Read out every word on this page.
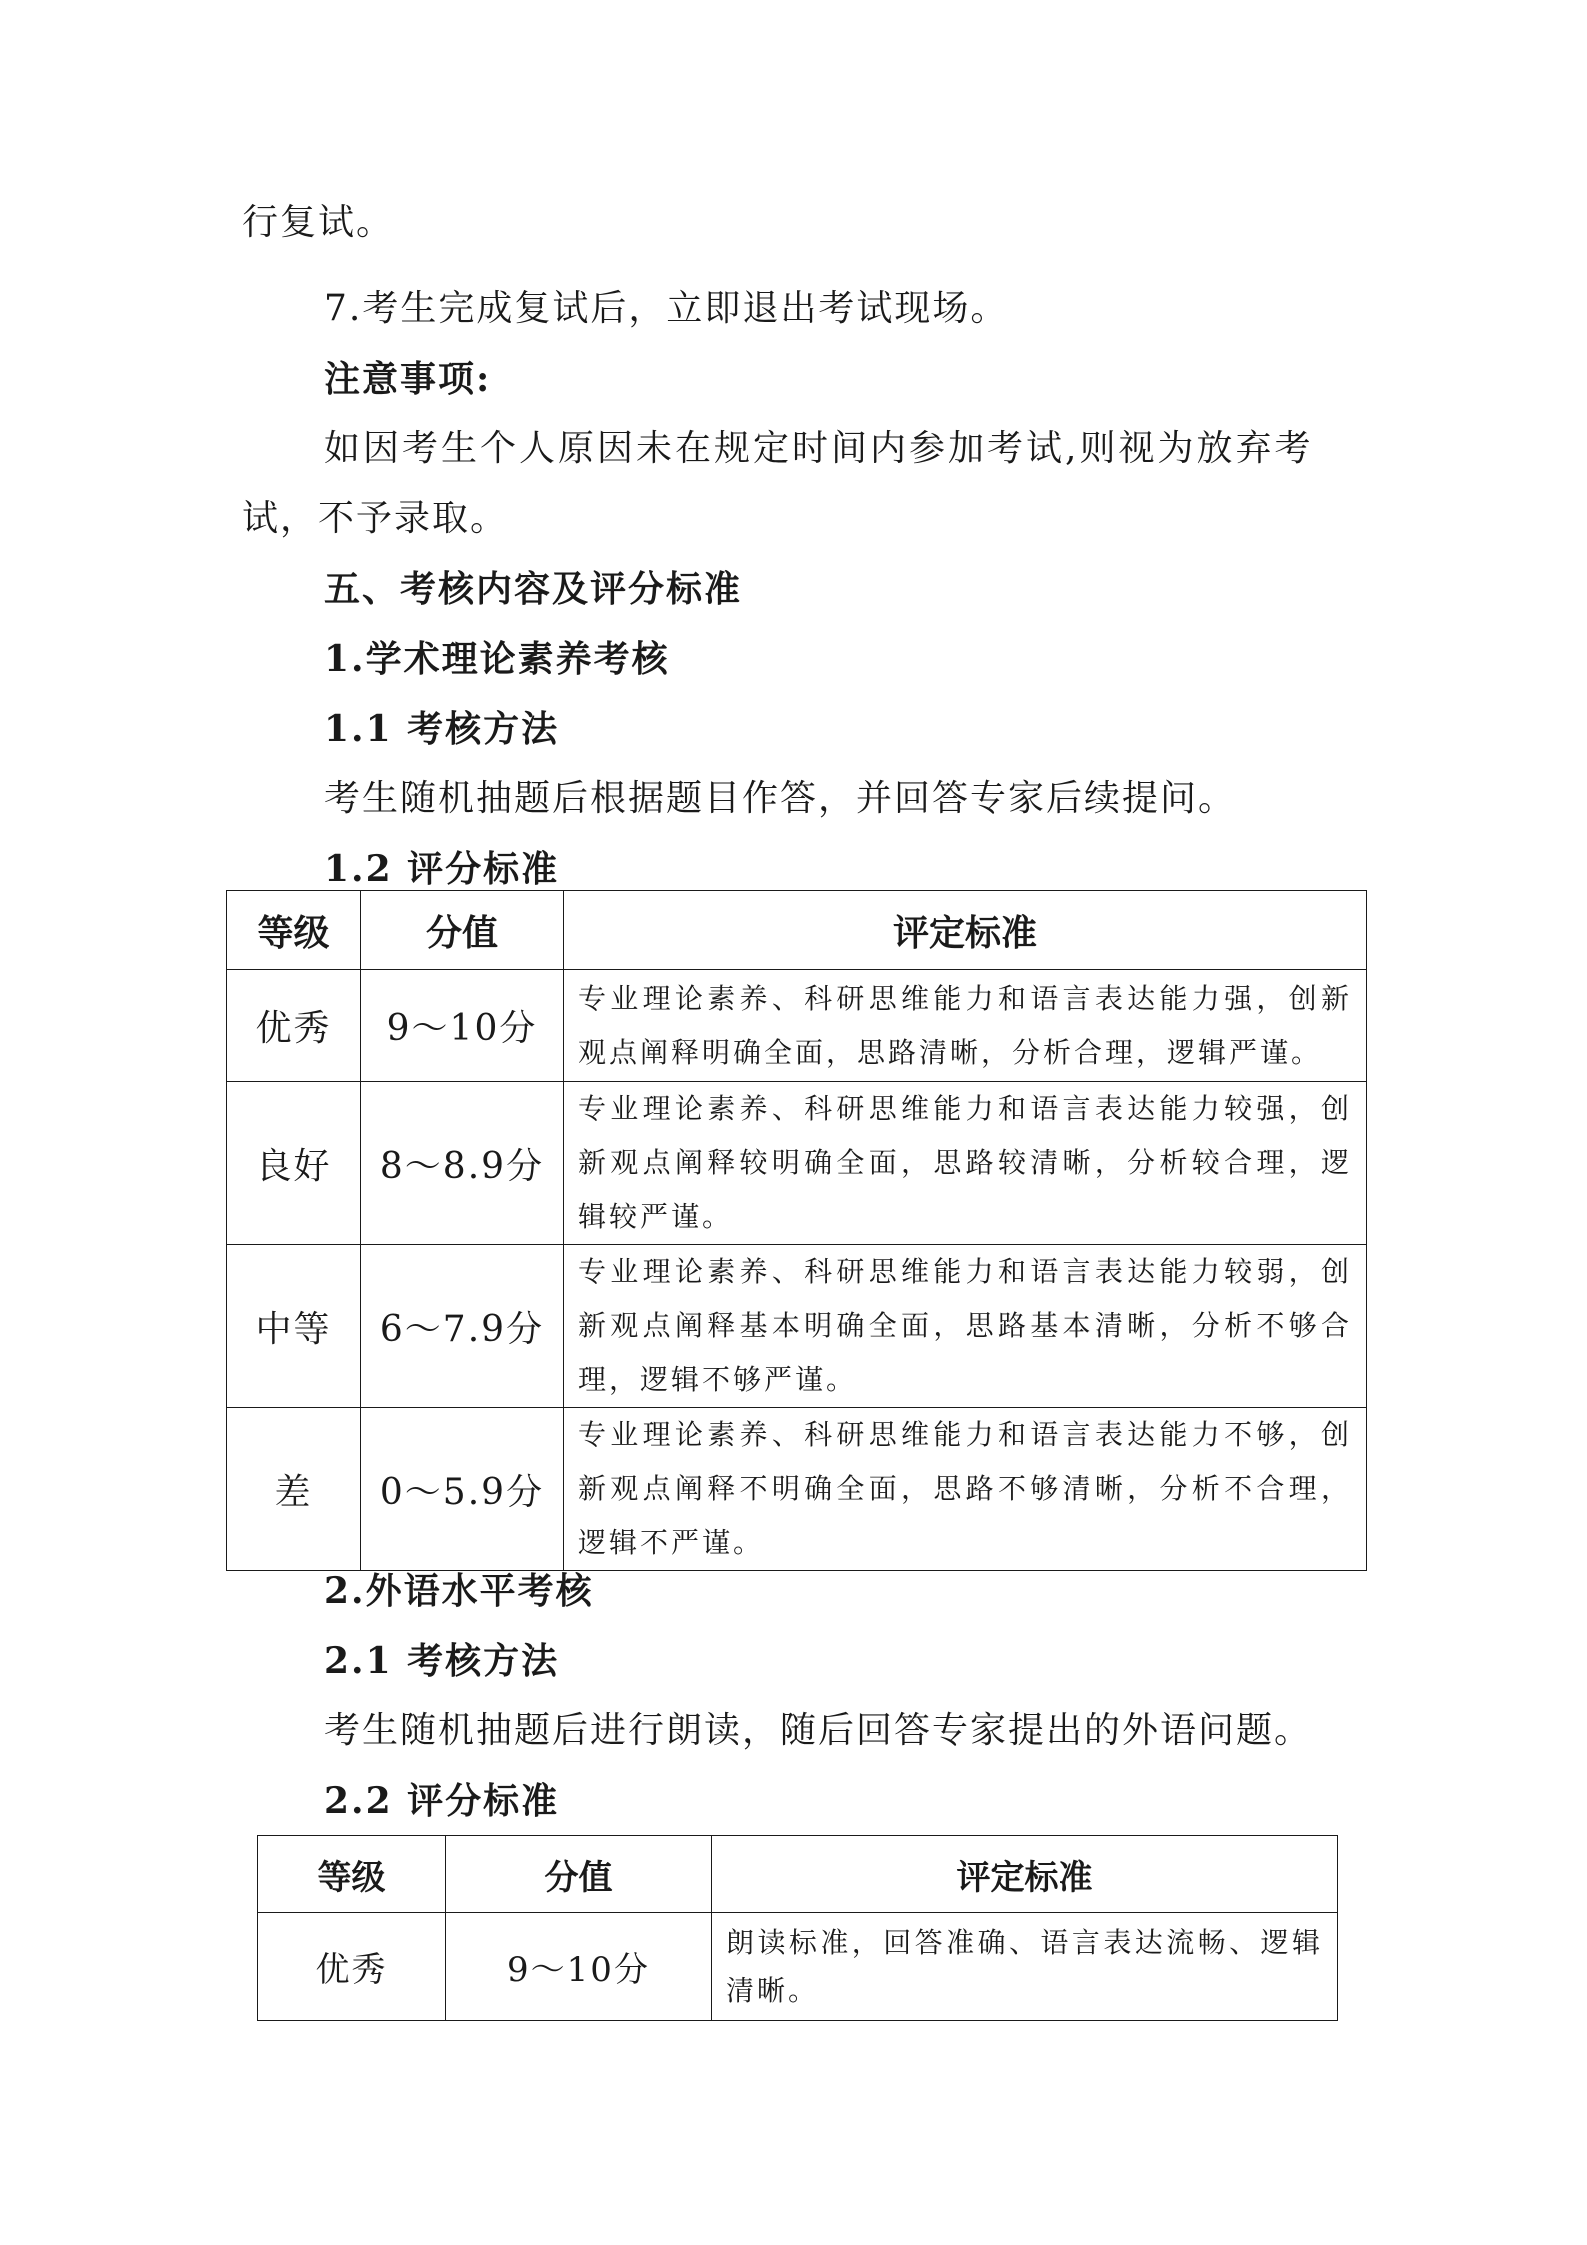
行复试。
7.考生完成复试后，立即退出考试现场。
注意事项:
如因考生个人原因未在规定时间内参加考试,则视为放弃考
试，不予录取。
五、考核内容及评分标准
1.学术理论素养考核
1.1 考核方法
考生随机抽题后根据题目作答，并回答专家后续提问。
1.2 评分标准
等级	分值	评定标准
优秀	9～10分	专业理论素养、科研思维能力和语言表达能力强，创新观点阐释明确全面，思路清晰，分析合理，逻辑严谨。
良好	8～8.9分	专业理论素养、科研思维能力和语言表达能力较强，创新观点阐释较明确全面，思路较清晰，分析较合理，逻辑较严谨。
中等	6～7.9分	专业理论素养、科研思维能力和语言表达能力较弱，创新观点阐释基本明确全面，思路基本清晰，分析不够合理，逻辑不够严谨。
差	0～5.9分	专业理论素养、科研思维能力和语言表达能力不够，创新观点阐释不明确全面，思路不够清晰，分析不合理，逻辑不严谨。
2.外语水平考核
2.1 考核方法
考生随机抽题后进行朗读，随后回答专家提出的外语问题。
2.2 评分标准
等级	分值	评定标准
优秀	9～10分	朗读标准，回答准确、语言表达流畅、逻辑清晰。
